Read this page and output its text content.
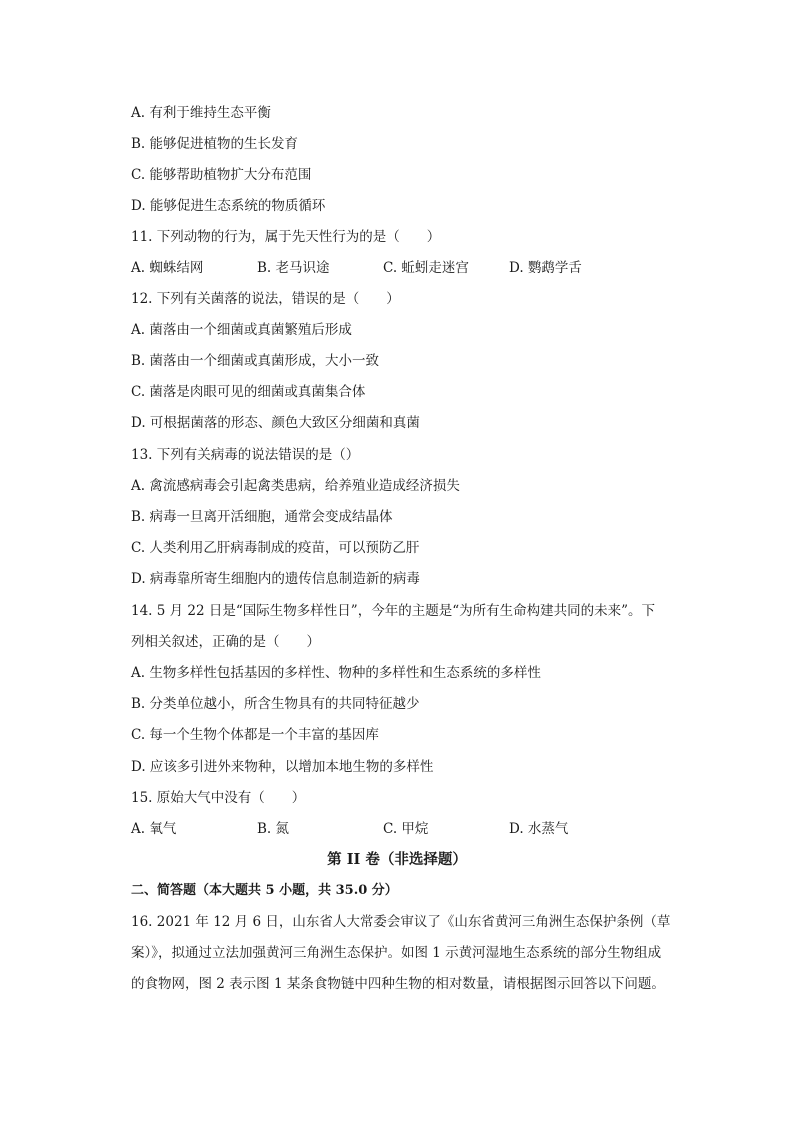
A. 有利于维持生态平衡
B. 能够促进植物的生长发育
C. 能够帮助植物扩大分布范围
D. 能够促进生态系统的物质循环
11. 下列动物的行为，属于先天性行为的是（　　）
A. 蜘蛛结网	B. 老马识途	C. 蚯蚓走迷宫	D. 鹦鹉学舌
12. 下列有关菌落的说法，错误的是（　　）
A. 菌落由一个细菌或真菌繁殖后形成
B. 菌落由一个细菌或真菌形成，大小一致
C. 菌落是肉眼可见的细菌或真菌集合体
D. 可根据菌落的形态、颜色大致区分细菌和真菌
13. 下列有关病毒的说法错误的是（）
A. 禽流感病毒会引起禽类患病，给养殖业造成经济损失
B. 病毒一旦离开活细胞，通常会变成结晶体
C. 人类利用乙肝病毒制成的疫苗，可以预防乙肝
D. 病毒靠所寄生细胞内的遗传信息制造新的病毒
14. 5 月 22 日是“国际生物多样性日”，今年的主题是“为所有生命构建共同的未来”。下
列相关叙述，正确的是（　　）
A. 生物多样性包括基因的多样性、物种的多样性和生态系统的多样性
B. 分类单位越小，所含生物具有的共同特征越少
C. 每一个生物个体都是一个丰富的基因库
D. 应该多引进外来物种，以增加本地生物的多样性
15. 原始大气中没有（　　）
A. 氧气	B. 氮	C. 甲烷	D. 水蒸气
第 II 卷（非选择题）
二、简答题（本大题共 5 小题，共 35.0 分）
16. 2021 年 12 月 6 日，山东省人大常委会审议了《山东省黄河三角洲生态保护条例（草
案）》，拟通过立法加强黄河三角洲生态保护。如图 1 示黄河湿地生态系统的部分生物组成
的食物网，图 2 表示图 1 某条食物链中四种生物的相对数量，请根据图示回答以下问题。
